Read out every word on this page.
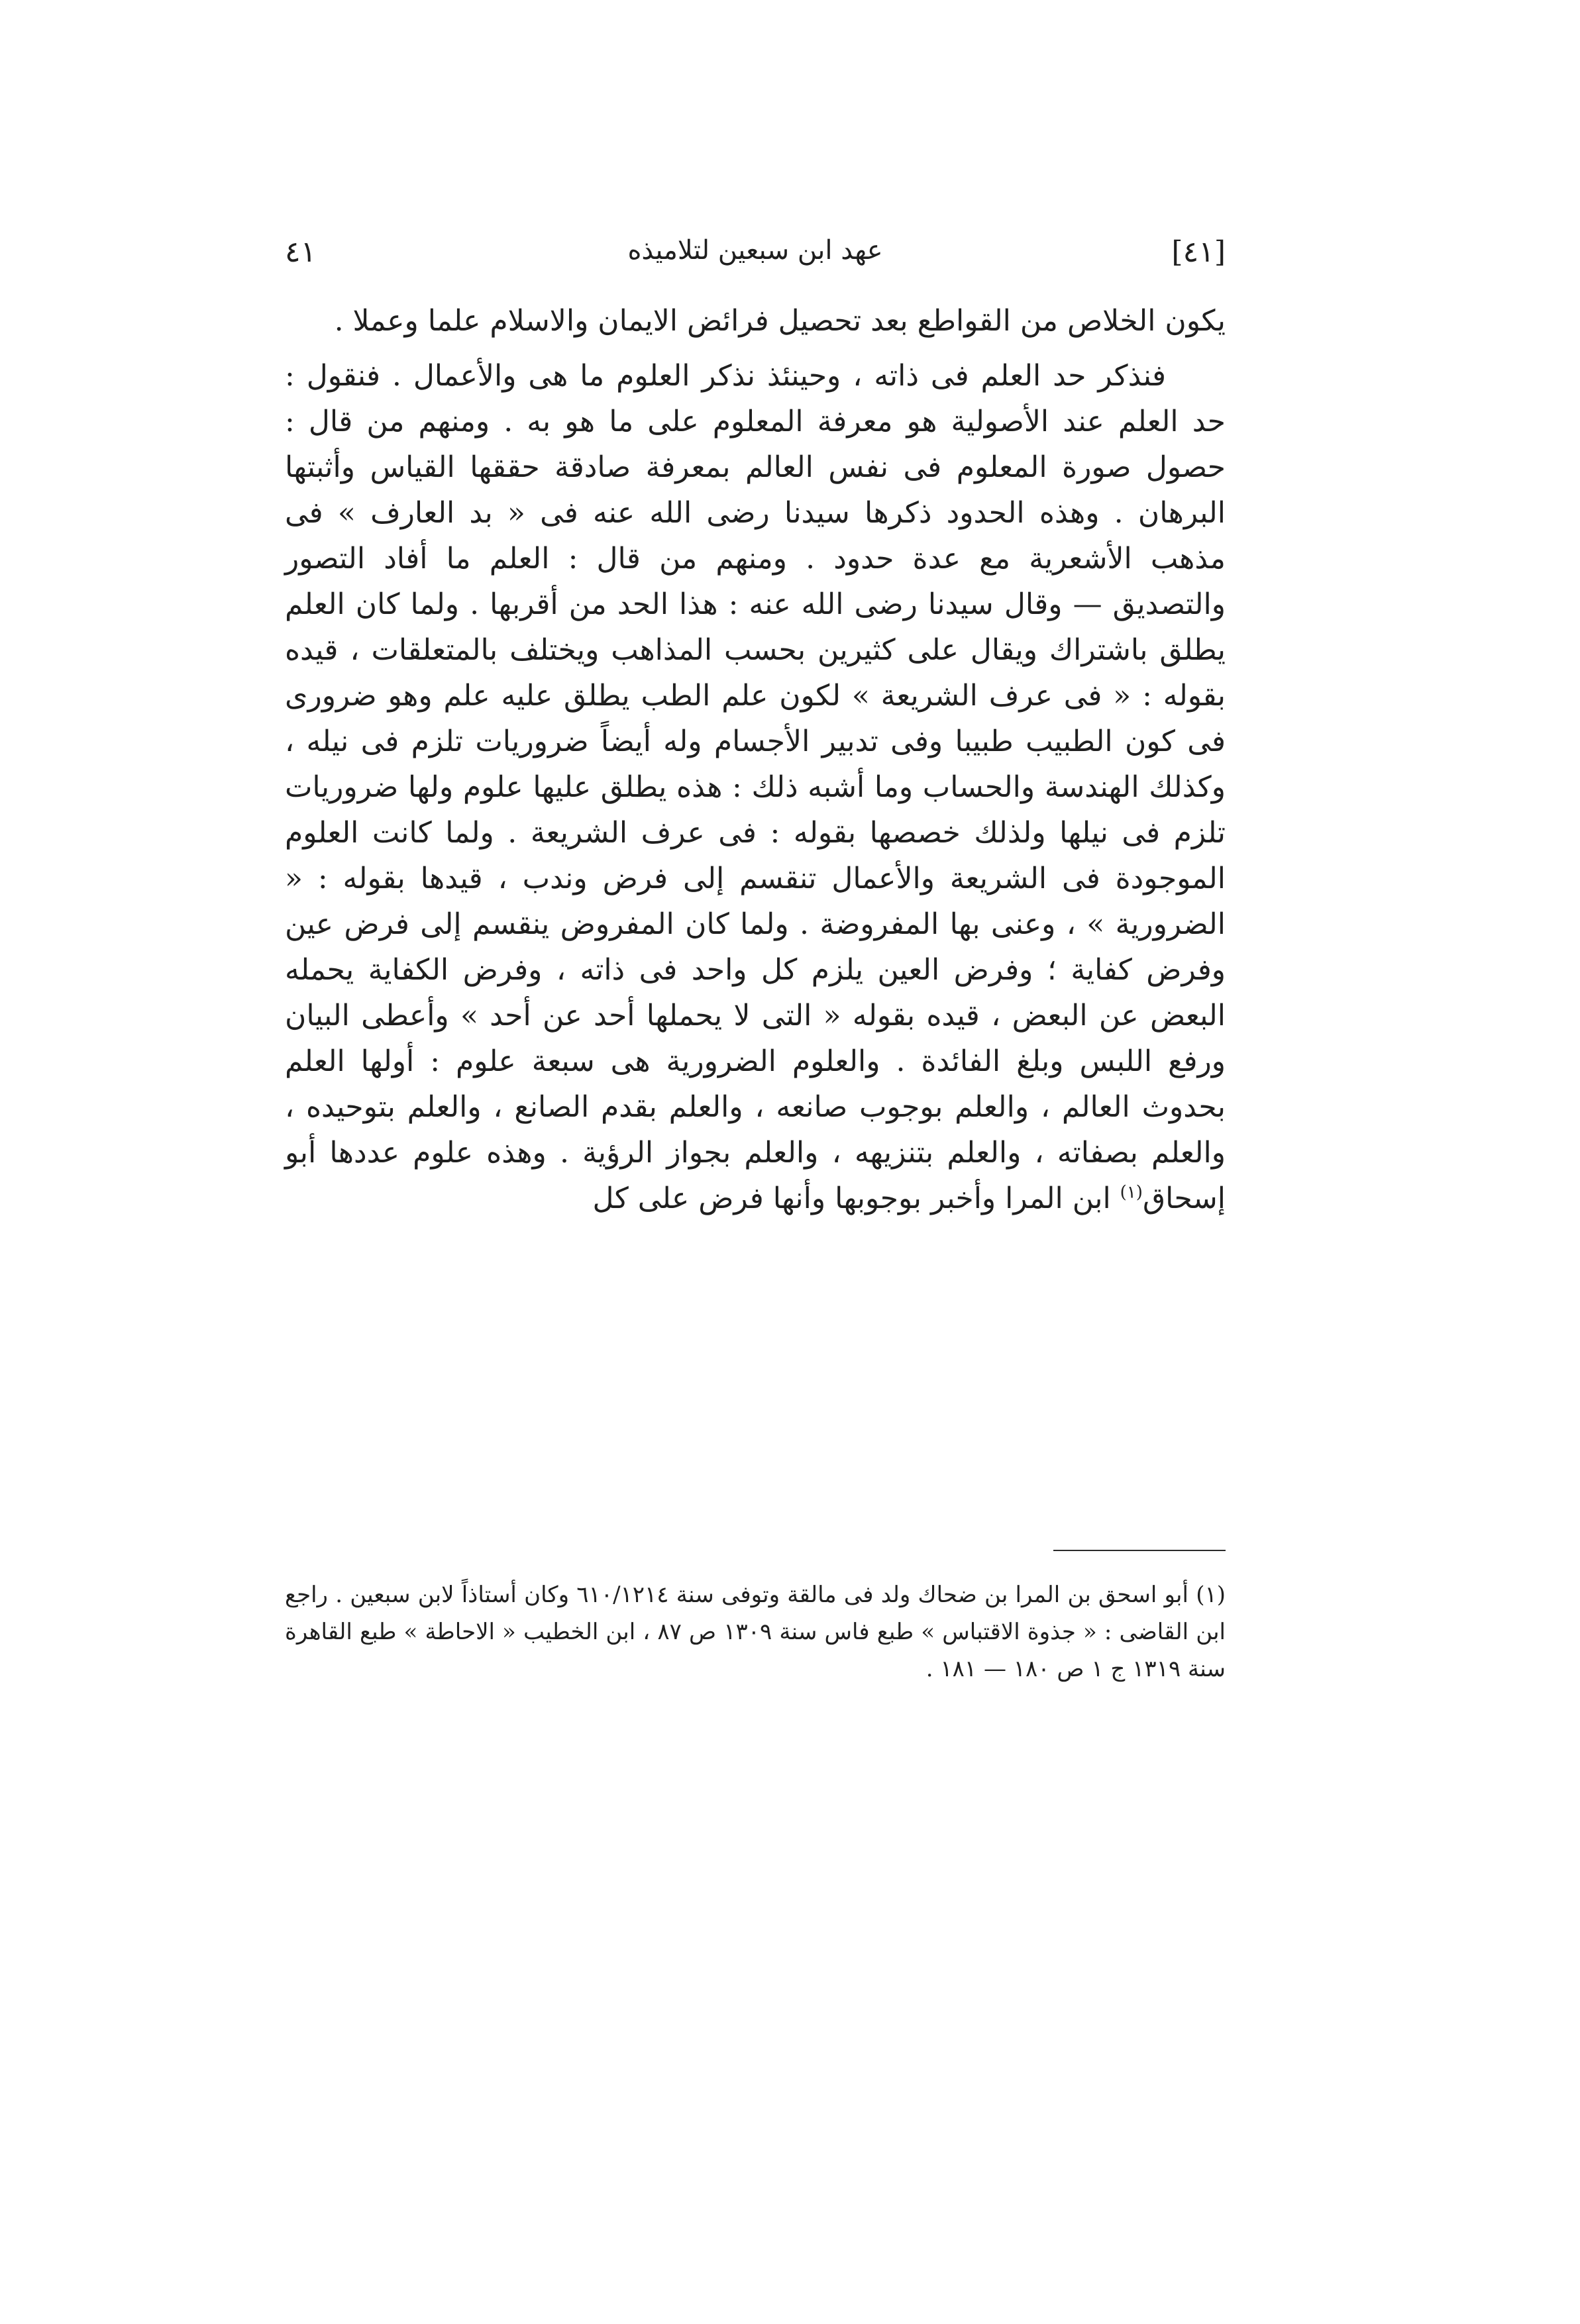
٤١	عهد ابن سبعين لتلاميذه	[٤١]

يكون الخلاص من القواطع بعد تحصيل فرائض الايمان والاسلام علما وعملا .

فنذكر حد العلم فى ذاته ، وحينئذ نذكر العلوم ما هى والأعمال . فنقول : حد العلم عند الأصولية هو معرفة المعلوم على ما هو به . ومنهم من قال : حصول صورة المعلوم فى نفس العالم بمعرفة صادقة حققها القياس وأثبتها البرهان . وهذه الحدود ذكرها سيدنا رضى الله عنه فى « بد العارف » فى مذهب الأشعرية مع عدة حدود . ومنهم من قال : العلم ما أفاد التصور والتصديق — وقال سيدنا رضى الله عنه : هذا الحد من أقربها . ولما كان العلم يطلق باشتراك ويقال على كثيرين بحسب المذاهب ويختلف بالمتعلقات ، قيده بقوله : « فى عرف الشريعة » لكون علم الطب يطلق عليه علم وهو ضرورى فى كون الطبيب طبيبا وفى تدبير الأجسام وله أيضاً ضروريات تلزم فى نيله ، وكذلك الهندسة والحساب وما أشبه ذلك : هذه يطلق عليها علوم ولها ضروريات تلزم فى نيلها ولذلك خصصها بقوله : فى عرف الشريعة . ولما كانت العلوم الموجودة فى الشريعة والأعمال تنقسم إلى فرض وندب ، قيدها بقوله : « الضرورية » ، وعنى بها المفروضة . ولما كان المفروض ينقسم إلى فرض عين وفرض كفاية ؛ وفرض العين يلزم كل واحد فى ذاته ، وفرض الكفاية يحمله البعض عن البعض ، قيده بقوله « التى لا يحملها أحد عن أحد » وأعطى البيان ورفع اللبس وبلغ الفائدة . والعلوم الضرورية هى سبعة علوم : أولها العلم بحدوث العالم ، والعلم بوجوب صانعه ، والعلم بقدم الصانع ، والعلم بتوحيده ، والعلم بصفاته ، والعلم بتنزيهه ، والعلم بجواز الرؤية . وهذه علوم عددها أبو إسحاق$^{(١)}$ ابن المرا وأخبر بوجوبها وأنها فرض على كل

(١) أبو اسحق بن المرا بن ضحاك ولد فى مالقة وتوفى سنة ٦١٠/١٢١٤ وكان أستاذاً لابن سبعين . راجع ابن القاضى : « جذوة الاقتباس » طبع فاس سنة ١٣٠٩ ص ٨٧ ، ابن الخطيب « الاحاطة » طبع القاهرة سنة ١٣١٩ ج ١ ص ١٨٠ — ١٨١ .
